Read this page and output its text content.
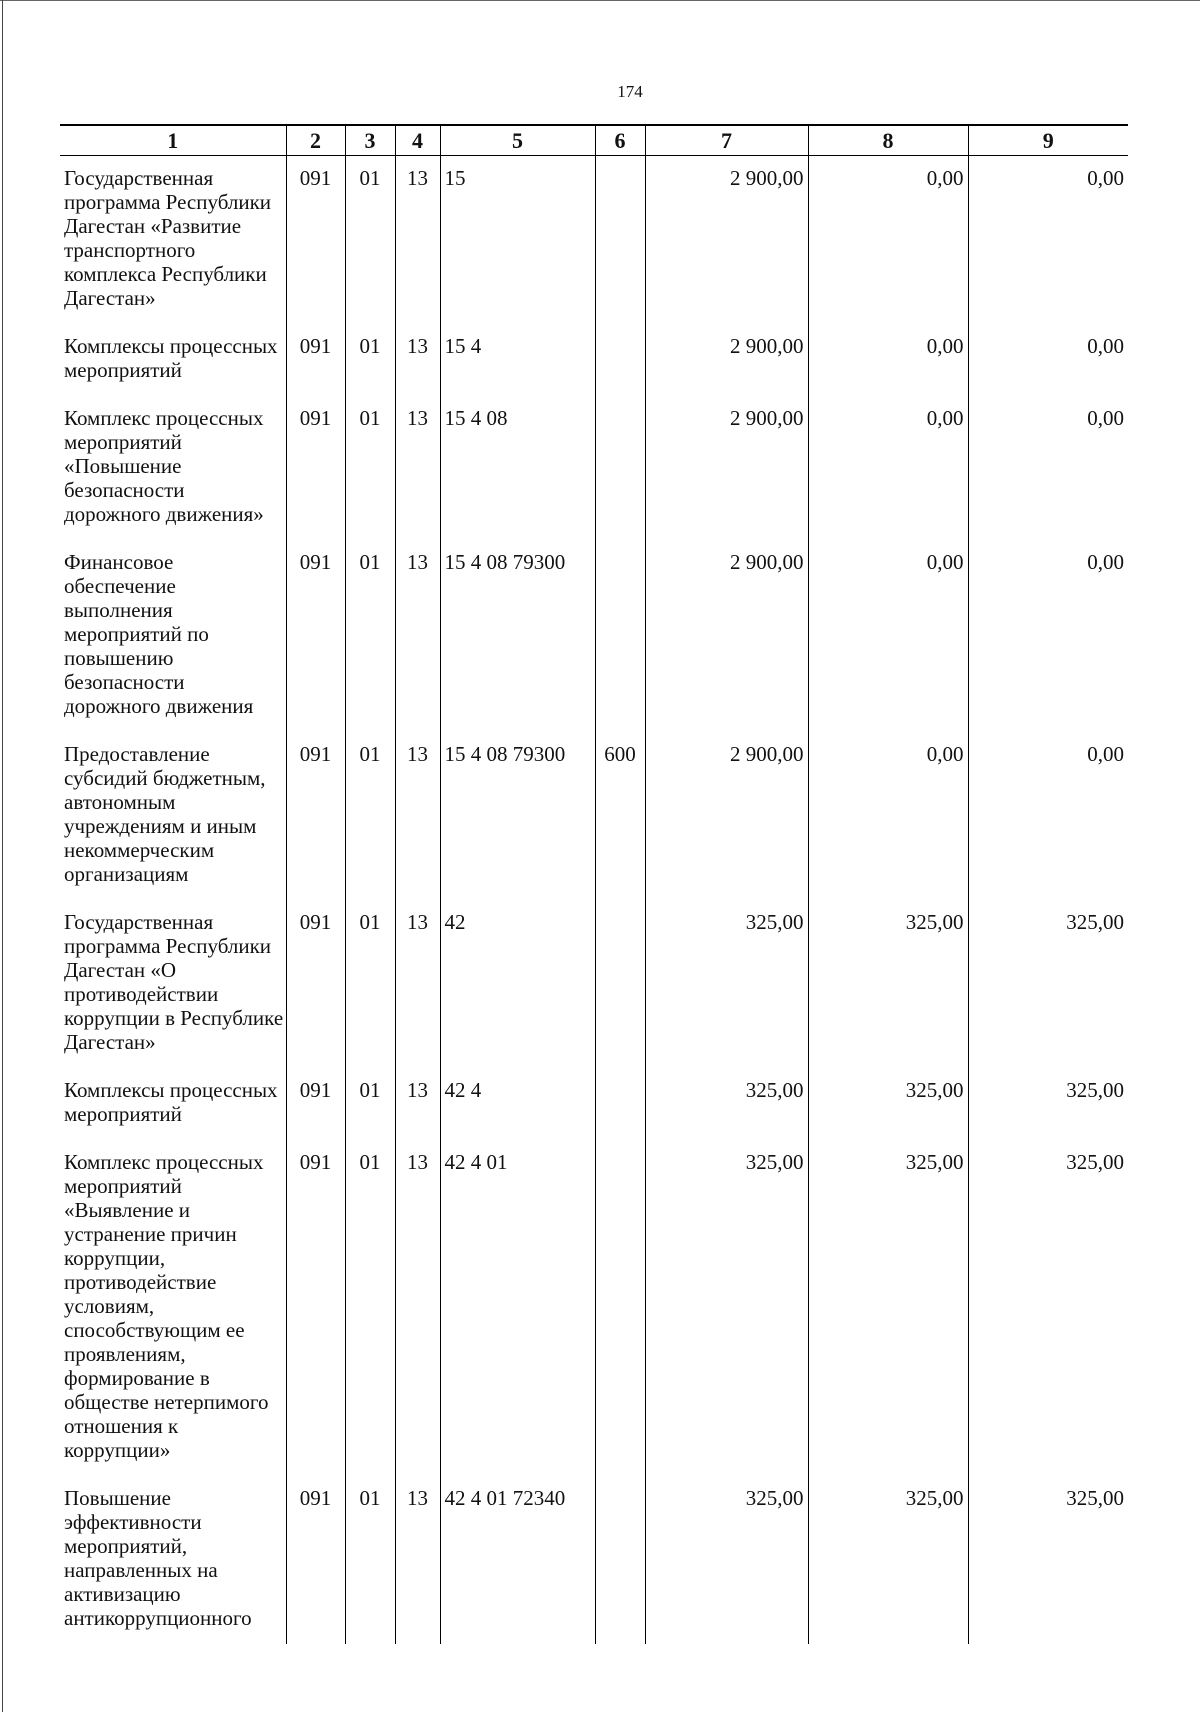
174
1	2	3	4	5	6	7	8	9
Государственная программа Республики Дагестан «Развитие транспортного комплекса Республики Дагестан»	091	01	13	15		2 900,00	0,00	0,00
Комплексы процессных мероприятий	091	01	13	15 4		2 900,00	0,00	0,00
Комплекс процессных мероприятий «Повышение безопасности дорожного движения»	091	01	13	15 4 08		2 900,00	0,00	0,00
Финансовое обеспечение выполнения мероприятий по повышению безопасности дорожного движения	091	01	13	15 4 08 79300		2 900,00	0,00	0,00
Предоставление субсидий бюджетным, автономным учреждениям и иным некоммерческим организациям	091	01	13	15 4 08 79300	600	2 900,00	0,00	0,00
Государственная программа Республики Дагестан «О противодействии коррупции в Республике Дагестан»	091	01	13	42		325,00	325,00	325,00
Комплексы процессных мероприятий	091	01	13	42 4		325,00	325,00	325,00
Комплекс процессных мероприятий «Выявление и устранение причин коррупции, противодействие условиям, способствующим ее проявлениям, формирование в обществе нетерпимого отношения к коррупции»	091	01	13	42 4 01		325,00	325,00	325,00
Повышение эффективности мероприятий, направленных на активизацию антикоррупционного	091	01	13	42 4 01 72340		325,00	325,00	325,00
